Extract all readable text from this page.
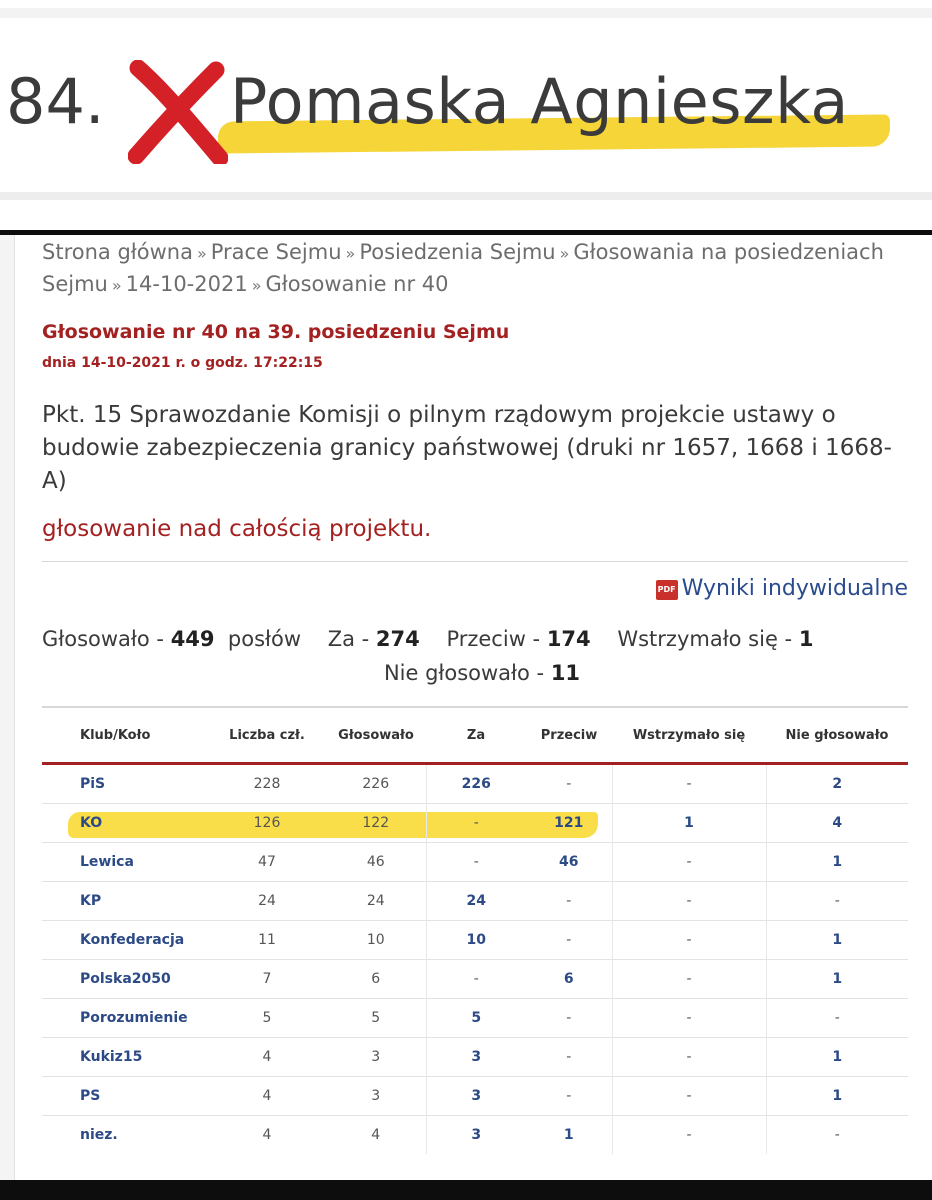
84. Pomaska Agnieszka
Strona główna » Prace Sejmu » Posiedzenia Sejmu » Głosowania na posiedzeniach Sejmu » 14-10-2021 » Głosowanie nr 40
Głosowanie nr 40 na 39. posiedzeniu Sejmu
dnia 14-10-2021 r. o godz. 17:22:15
Pkt. 15 Sprawozdanie Komisji o pilnym rządowym projekcie ustawy o budowie zabezpieczenia granicy państwowej (druki nr 1657, 1668 i 1668-A)
głosowanie nad całością projektu.
PDF Wyniki indywidualne
Głosowało - 449 posłów Za - 274 Przeciw - 174 Wstrzymało się - 1
Nie głosowało - 11
Klub/Koło	Liczba czł.	Głosowało	Za	Przeciw	Wstrzymało się	Nie głosowało
PiS	228	226	226	-	-	2
KO	126	122	-	121	1	4
Lewica	47	46	-	46	-	1
KP	24	24	24	-	-	-
Konfederacja	11	10	10	-	-	1
Polska2050	7	6	-	6	-	1
Porozumienie	5	5	5	-	-	-
Kukiz15	4	3	3	-	-	1
PS	4	3	3	-	-	1
niez.	4	4	3	1	-	-
